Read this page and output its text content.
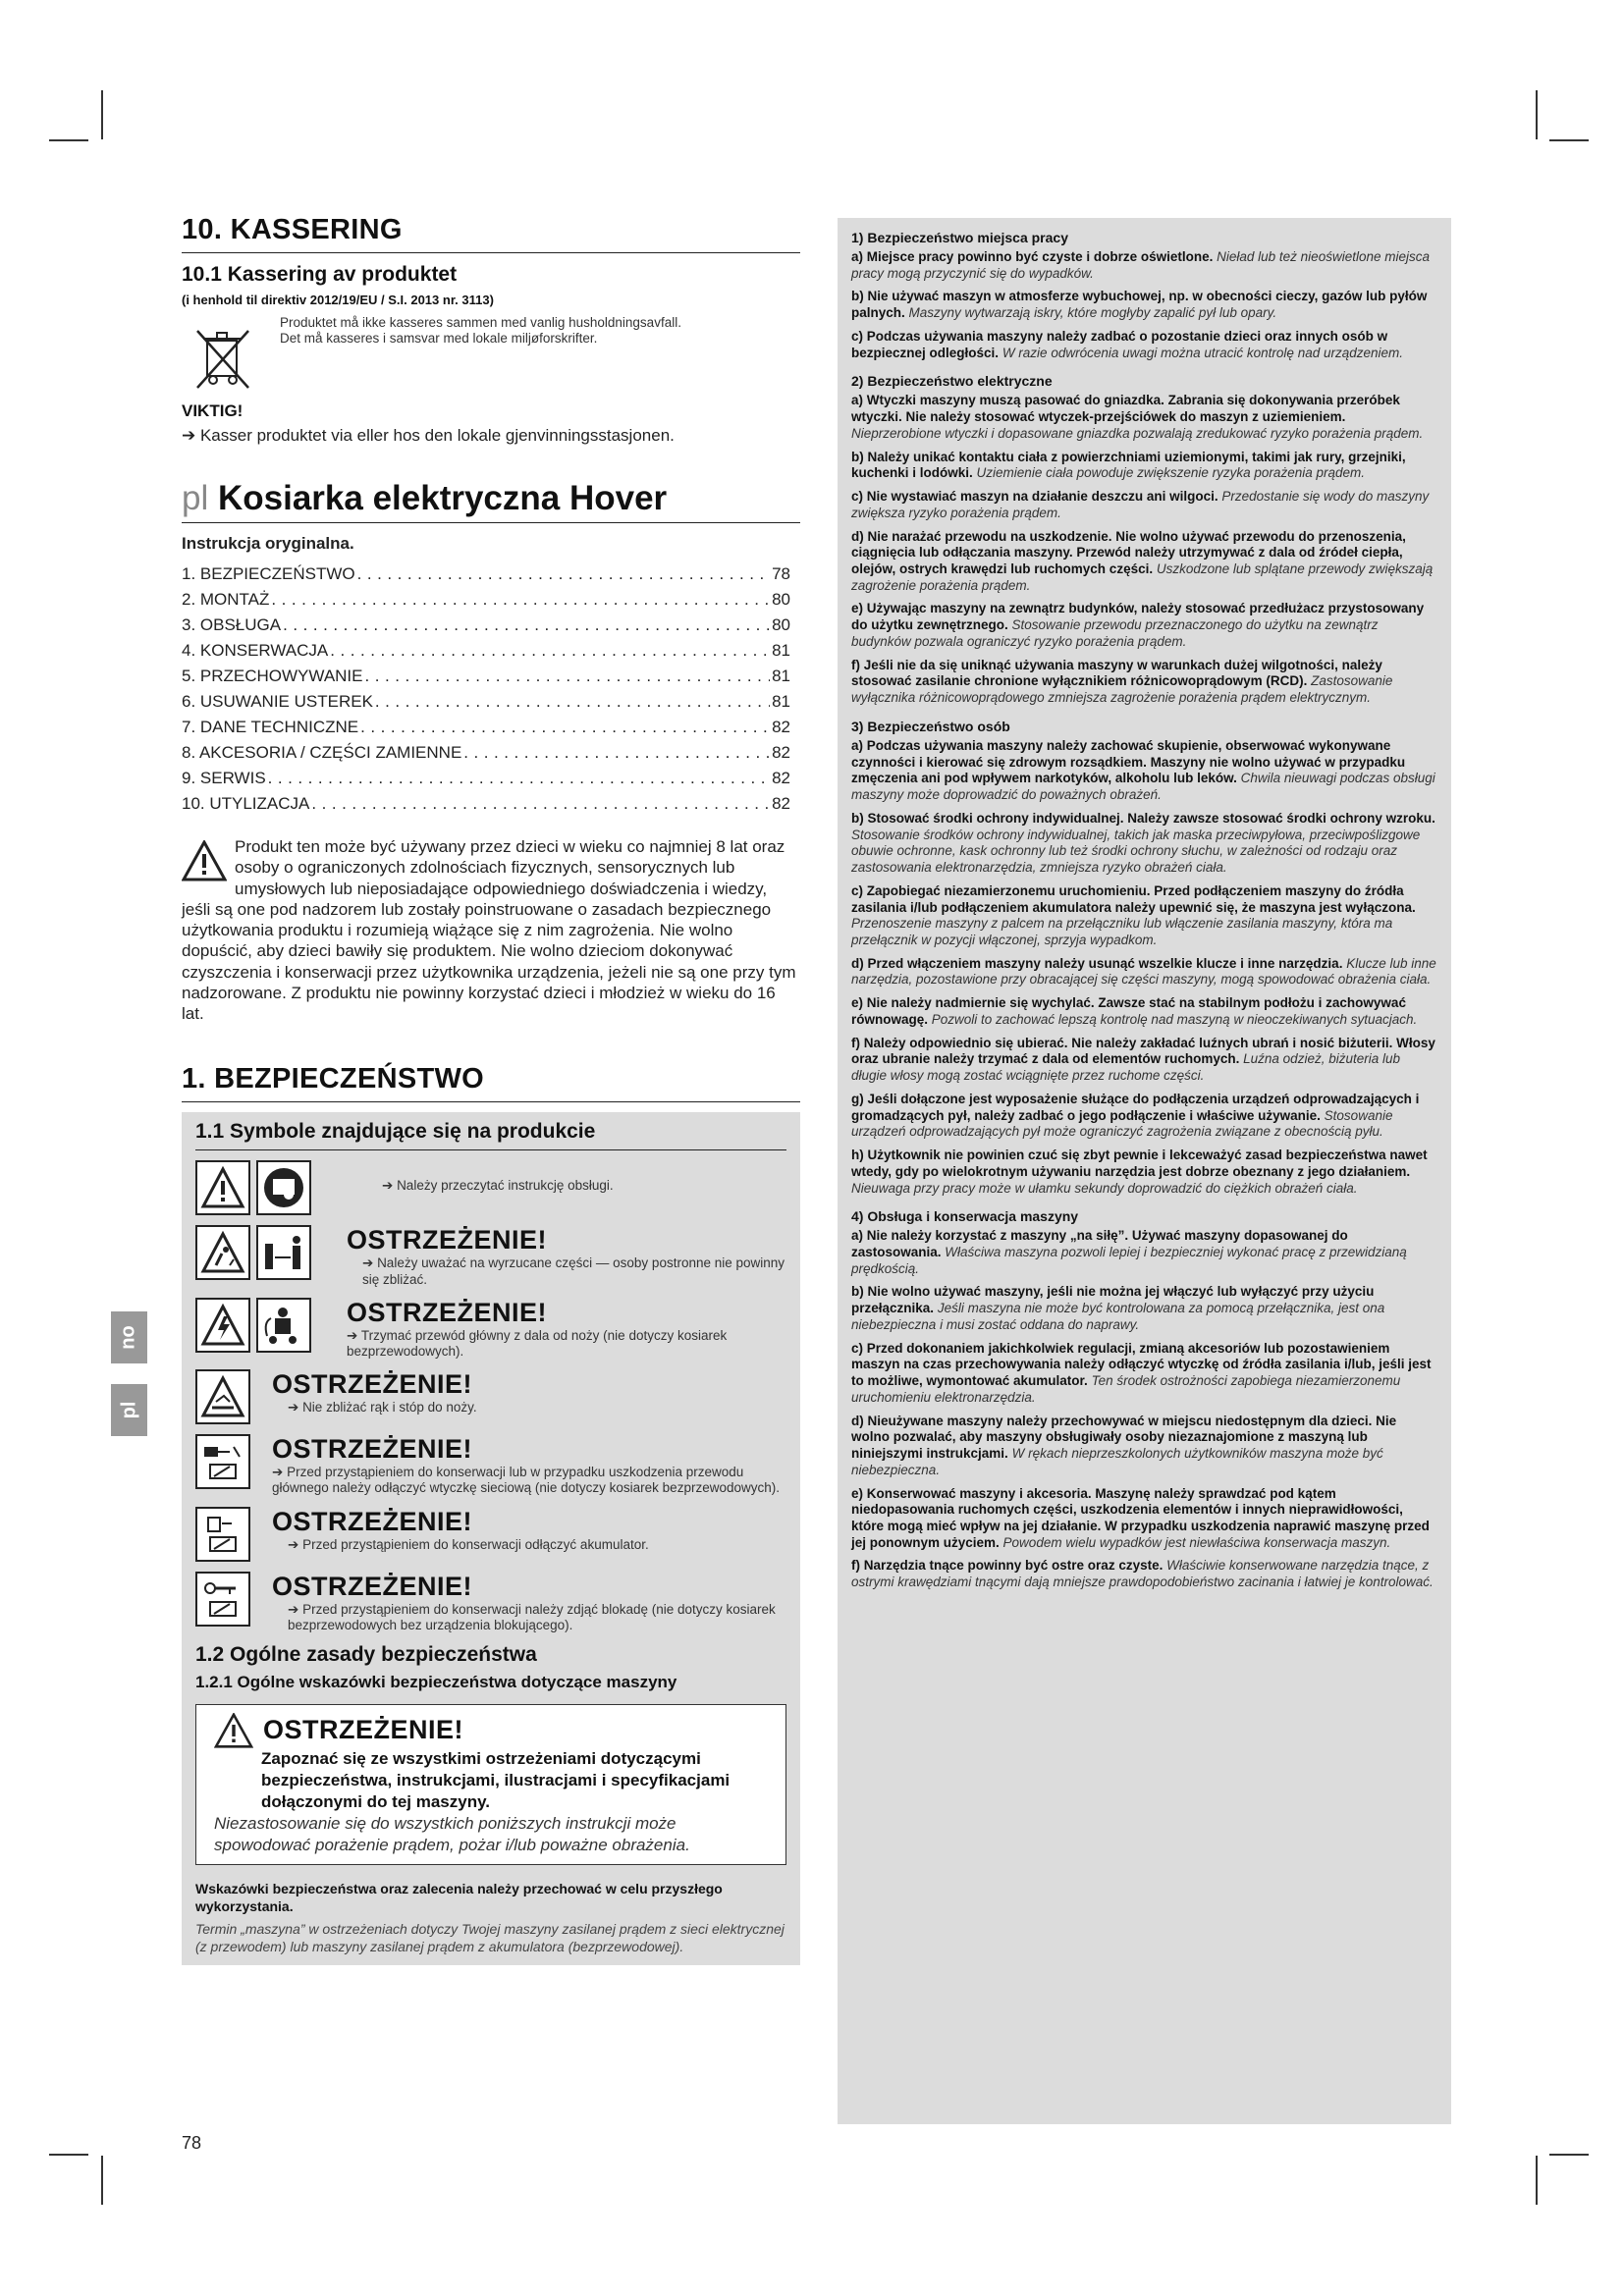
no
pl
10. KASSERING
10.1 Kassering av produktet
(i henhold til direktiv 2012/19/EU / S.I. 2013 nr. 3113)
Produktet må ikke kasseres sammen med vanlig husholdningsavfall. Det må kasseres i samsvar med lokale miljøforskrifter.
VIKTIG!
➔ Kasser produktet via eller hos den lokale gjenvinningsstasjonen.
pl Kosiarka elektryczna Hover
Instrukcja oryginalna.
1. BEZPIECZEŃSTWO . . .	78
2. MONTAŻ . . .	80
3. OBSŁUGA . . .	80
4. KONSERWACJA . . .	81
5. PRZECHOWYWANIE . . .	81
6. USUWANIE USTEREK . . .	81
7. DANE TECHNICZNE . . .	82
8. AKCESORIA / CZĘŚCI ZAMIENNE . . .	82
9. SERWIS . . .	82
10. UTYLIZACJA . . .	82
Produkt ten może być używany przez dzieci w wieku co najmniej 8 lat oraz osoby o ograniczonych zdolnościach fizycznych, sensorycznych lub umysłowych lub nieposiadające odpowiedniego doświadczenia i wiedzy, jeśli są one pod nadzorem lub zostały poinstruowane o zasadach bezpiecznego użytkowania produktu i rozumieją wiążące się z nim zagrożenia. Nie wolno dopuścić, aby dzieci bawiły się produktem. Nie wolno dzieciom dokonywać czyszczenia i konserwacji przez użytkownika urządzenia, jeżeli nie są one przy tym nadzorowane. Z produktu nie powinny korzystać dzieci i młodzież w wieku do 16 lat.
1. BEZPIECZEŃSTWO
1.1 Symbole znajdujące się na produkcie
➔ Należy przeczytać instrukcję obsługi.
OSTRZEŻENIE!
➔ Należy uważać na wyrzucane części — osoby postronne nie powinny się zbliżać.
OSTRZEŻENIE!
➔ Trzymać przewód główny z dala od noży (nie dotyczy kosiarek bezprzewodowych).
OSTRZEŻENIE!
➔ Nie zbliżać rąk i stóp do noży.
OSTRZEŻENIE!
➔ Przed przystąpieniem do konserwacji lub w przypadku uszkodzenia przewodu głównego należy odłączyć wtyczkę sieciową (nie dotyczy kosiarek bezprzewodowych).
OSTRZEŻENIE!
➔ Przed przystąpieniem do konserwacji odłączyć akumulator.
OSTRZEŻENIE!
➔ Przed przystąpieniem do konserwacji należy zdjąć blokadę (nie dotyczy kosiarek bezprzewodowych bez urządzenia blokującego).
1.2 Ogólne zasady bezpieczeństwa
1.2.1 Ogólne wskazówki bezpieczeństwa dotyczące maszyny
OSTRZEŻENIE!
Zapoznać się ze wszystkimi ostrzeżeniami dotyczącymi bezpieczeństwa, instrukcjami, ilustracjami i specyfikacjami dołączonymi do tej maszyny.
Niezastosowanie się do wszystkich poniższych instrukcji może spowodować porażenie prądem, pożar i/lub poważne obrażenia.
Wskazówki bezpieczeństwa oraz zalecenia należy przechować w celu przyszłego wykorzystania.
Termin „maszyna” w ostrzeżeniach dotyczy Twojej maszyny zasilanej prądem z sieci elektrycznej (z przewodem) lub maszyny zasilanej prądem z akumulatora (bezprzewodowej).
1) Bezpieczeństwo miejsca pracy
a) Miejsce pracy powinno być czyste i dobrze oświetlone. Nieład lub też nieoświetlone miejsca pracy mogą przyczynić się do wypadków.
b) Nie używać maszyn w atmosferze wybuchowej, np. w obecności cieczy, gazów lub pyłów palnych. Maszyny wytwarzają iskry, które mogłyby zapalić pył lub opary.
c) Podczas używania maszyny należy zadbać o pozostanie dzieci oraz innych osób w bezpiecznej odległości. W razie odwrócenia uwagi można utracić kontrolę nad urządzeniem.
2) Bezpieczeństwo elektryczne
a) Wtyczki maszyny muszą pasować do gniazdka. Zabrania się dokonywania przeróbek wtyczki. Nie należy stosować wtyczek-przejściówek do maszyn z uziemieniem. Nieprzerobione wtyczki i dopasowane gniazdka pozwalają zredukować ryzyko porażenia prądem.
b) Należy unikać kontaktu ciała z powierzchniami uziemionymi, takimi jak rury, grzejniki, kuchenki i lodówki. Uziemienie ciała powoduje zwiększenie ryzyka porażenia prądem.
c) Nie wystawiać maszyn na działanie deszczu ani wilgoci. Przedostanie się wody do maszyny zwiększa ryzyko porażenia prądem.
d) Nie narażać przewodu na uszkodzenie. Nie wolno używać przewodu do przenoszenia, ciągnięcia lub odłączania maszyny. Przewód należy utrzymywać z dala od źródeł ciepła, olejów, ostrych krawędzi lub ruchomych części. Uszkodzone lub splątane przewody zwiększają zagrożenie porażenia prądem.
e) Używając maszyny na zewnątrz budynków, należy stosować przedłużacz przystosowany do użytku zewnętrznego. Stosowanie przewodu przeznaczonego do użytku na zewnątrz budynków pozwala ograniczyć ryzyko porażenia prądem.
f) Jeśli nie da się uniknąć używania maszyny w warunkach dużej wilgotności, należy stosować zasilanie chronione wyłącznikiem różnicowoprądowym (RCD). Zastosowanie wyłącznika różnicowoprądowego zmniejsza zagrożenie porażenia prądem elektrycznym.
3) Bezpieczeństwo osób
a) Podczas używania maszyny należy zachować skupienie, obserwować wykonywane czynności i kierować się zdrowym rozsądkiem. Maszyny nie wolno używać w przypadku zmęczenia ani pod wpływem narkotyków, alkoholu lub leków. Chwila nieuwagi podczas obsługi maszyny może doprowadzić do poważnych obrażeń.
b) Stosować środki ochrony indywidualnej. Należy zawsze stosować środki ochrony wzroku. Stosowanie środków ochrony indywidualnej, takich jak maska przeciwpyłowa, przeciwpoślizgowe obuwie ochronne, kask ochronny lub też środki ochrony słuchu, w zależności od rodzaju oraz zastosowania elektronarzędzia, zmniejsza ryzyko obrażeń ciała.
c) Zapobiegać niezamierzonemu uruchomieniu. Przed podłączeniem maszyny do źródła zasilania i/lub podłączeniem akumulatora należy upewnić się, że maszyna jest wyłączona. Przenoszenie maszyny z palcem na przełączniku lub włączenie zasilania maszyny, która ma przełącznik w pozycji włączonej, sprzyja wypadkom.
d) Przed włączeniem maszyny należy usunąć wszelkie klucze i inne narzędzia. Klucze lub inne narzędzia, pozostawione przy obracającej się części maszyny, mogą spowodować obrażenia ciała.
e) Nie należy nadmiernie się wychylać. Zawsze stać na stabilnym podłożu i zachowywać równowagę. Pozwoli to zachować lepszą kontrolę nad maszyną w nieoczekiwanych sytuacjach.
f) Należy odpowiednio się ubierać. Nie należy zakładać luźnych ubrań i nosić biżuterii. Włosy oraz ubranie należy trzymać z dala od elementów ruchomych. Luźna odzież, biżuteria lub długie włosy mogą zostać wciągnięte przez ruchome części.
g) Jeśli dołączone jest wyposażenie służące do podłączenia urządzeń odprowadzających i gromadzących pył, należy zadbać o jego podłączenie i właściwe używanie. Stosowanie urządzeń odprowadzających pył może ograniczyć zagrożenia związane z obecnością pyłu.
h) Użytkownik nie powinien czuć się zbyt pewnie i lekceważyć zasad bezpieczeństwa nawet wtedy, gdy po wielokrotnym używaniu narzędzia jest dobrze obeznany z jego działaniem. Nieuwaga przy pracy może w ułamku sekundy doprowadzić do ciężkich obrażeń ciała.
4) Obsługa i konserwacja maszyny
a) Nie należy korzystać z maszyny „na siłę”. Używać maszyny dopasowanej do zastosowania. Właściwa maszyna pozwoli lepiej i bezpieczniej wykonać pracę z przewidzianą prędkością.
b) Nie wolno używać maszyny, jeśli nie można jej włączyć lub wyłączyć przy użyciu przełącznika. Jeśli maszyna nie może być kontrolowana za pomocą przełącznika, jest ona niebezpieczna i musi zostać oddana do naprawy.
c) Przed dokonaniem jakichkolwiek regulacji, zmianą akcesoriów lub pozostawieniem maszyn na czas przechowywania należy odłączyć wtyczkę od źródła zasilania i/lub, jeśli jest to możliwe, wymontować akumulator. Ten środek ostrożności zapobiega niezamierzonemu uruchomieniu elektronarzędzia.
d) Nieużywane maszyny należy przechowywać w miejscu niedostępnym dla dzieci. Nie wolno pozwalać, aby maszyny obsługiwały osoby niezaznajomione z maszyną lub niniejszymi instrukcjami. W rękach nieprzeszkolonych użytkowników maszyna może być niebezpieczna.
e) Konserwować maszyny i akcesoria. Maszynę należy sprawdzać pod kątem niedopasowania ruchomych części, uszkodzenia elementów i innych nieprawidłowości, które mogą mieć wpływ na jej działanie. W przypadku uszkodzenia naprawić maszynę przed jej ponownym użyciem. Powodem wielu wypadków jest niewłaściwa konserwacja maszyn.
f) Narzędzia tnące powinny być ostre oraz czyste. Właściwie konserwowane narzędzia tnące, z ostrymi krawędziami tnącymi dają mniejsze prawdopodobieństwo zacinania i łatwiej je kontrolować.
78
